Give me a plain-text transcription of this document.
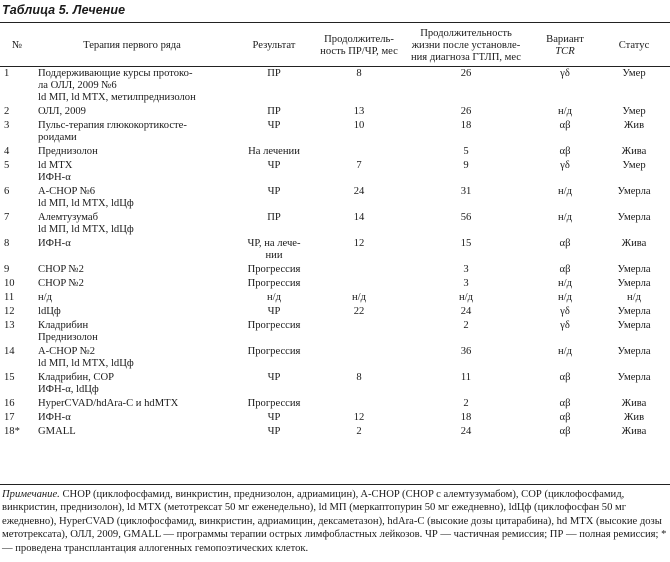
Таблица 5. Лечение
№	Терапия первого ряда	Результат	Продолжитель-
ность ПР/ЧР, мес	Продолжительность
жизни после установле-
ния диагноза ГТЛП, мес	Вариант
TCR	Статус
1	Поддерживающие курсы протоко-
ла ОЛЛ, 2009 №6
ld МП, ld МТХ, метилпреднизолон	ПР	8	26	γδ	Умер
2	ОЛЛ, 2009	ПР	13	26	н/д	Умер
3	Пульс-терапия глюкокортикосте-
роидами	ЧР	10	18	αβ	Жив
4	Преднизолон	На лечении		5	αβ	Жива
5	ld МТХ
ИФН-α	ЧР	7	9	γδ	Умер
6	A-CHOP №6
ld МП, ld МТХ, ldЦф	ЧР	24	31	н/д	Умерла
7	Алемтузумаб
ld МП, ld МТХ, ldЦф	ПР	14	56	н/д	Умерла
8	ИФН-α	ЧР, на лече-
нии	12	15	αβ	Жива
9	CHOP №2	Прогрессия		3	αβ	Умерла
10	CHOP №2	Прогрессия		3	н/д	Умерла
11	н/д	н/д	н/д	н/д	н/д	н/д
12	ldЦф	ЧР	22	24	γδ	Умерла
13	Кладрибин
Преднизолон	Прогрессия		2	γδ	Умерла
14	A-CHOP №2
ld МП, ld МТХ, ldЦф	Прогрессия		36	н/д	Умерла
15	Кладрибин, СОР
ИФН-α, ldЦф	ЧР	8	11	αβ	Умерла
16	HyperCVAD/hdAra-C и hdMTX	Прогрессия		2	αβ	Жива
17	ИФН-α	ЧР	12	18	αβ	Жив
18*	GMALL	ЧР	2	24	αβ	Жива
Примечание. CHOP (циклофосфамид, винкристин, преднизолон, адриамицин), A-CHOP (CHOP с алемтузумабом), СОР (циклофосфамид, винкристин, преднизолон), ld МТХ (метотрексат 50 мг еженедельно), ld МП (меркаптопурин 50 мг ежедневно), ldЦф (циклофосфан 50 мг ежедневно), HyperCVAD (циклофосфамид, винкристин, адриамицин, дексаметазон), hdAra-C (высокие дозы цитарабина), hd МТХ (высокие дозы метотрексата), ОЛЛ, 2009, GMALL — программы терапии острых лимфобластных лейкозов. ЧР — частичная ремиссия; ПР — полная ремиссия; * — проведена трансплантация аллогенных гемопоэтических клеток.
